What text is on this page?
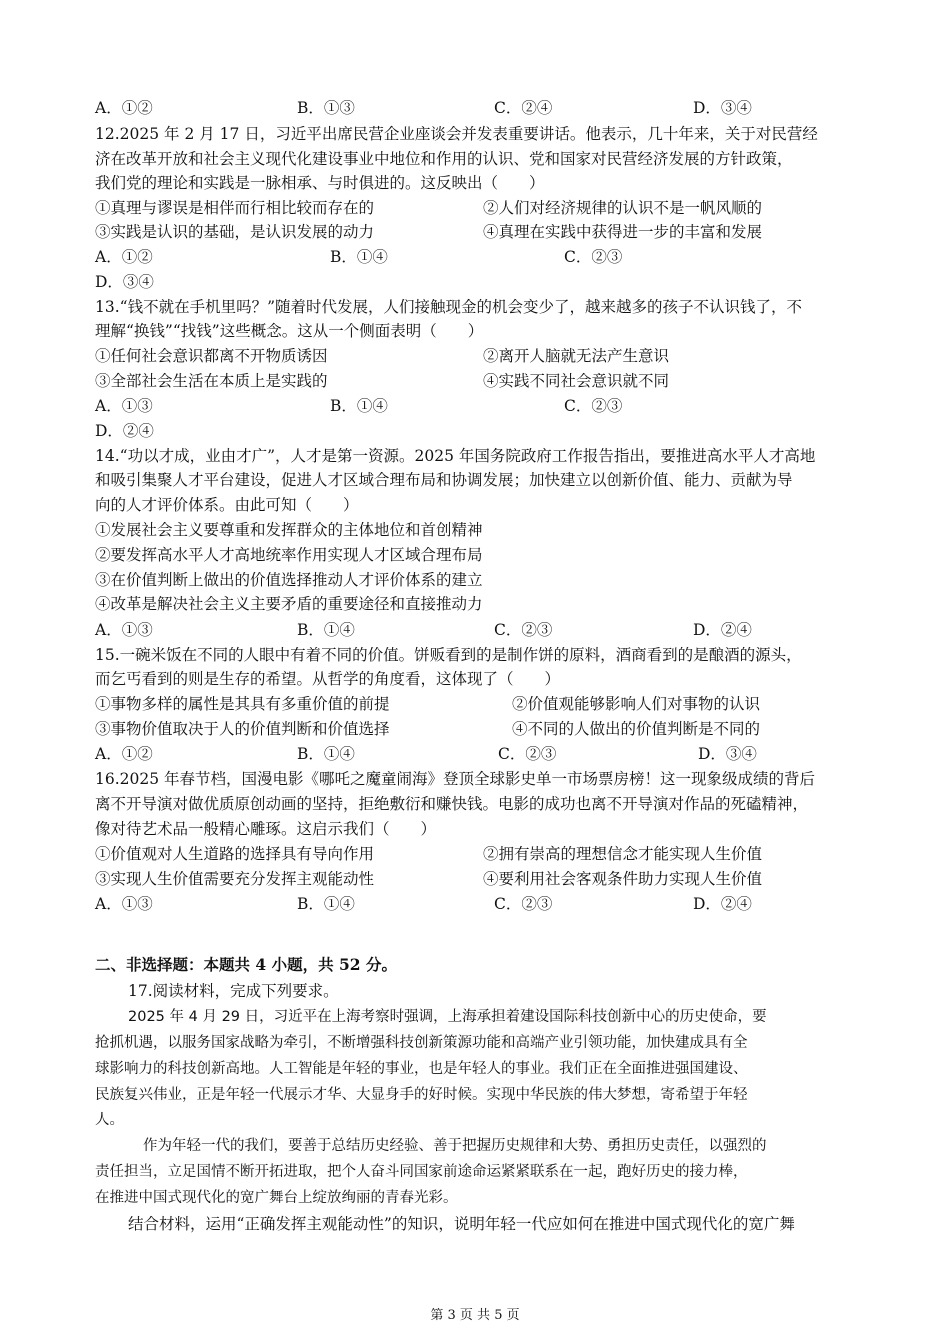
A．①②	B．①③	C．②④	D．③④
12.2025 年 2 月 17 日，习近平出席民营企业座谈会并发表重要讲话。他表示，几十年来，关于对民营经
济在改革开放和社会主义现代化建设事业中地位和作用的认识、党和国家对民营经济发展的方针政策，
我们党的理论和实践是一脉相承、与时俱进的。这反映出（　　）
①真理与谬误是相伴而行相比较而存在的	②人们对经济规律的认识不是一帆风顺的
③实践是认识的基础，是认识发展的动力	④真理在实践中获得进一步的丰富和发展
A．①②	B．①④	C．②③
D．③④
13.“钱不就在手机里吗？”随着时代发展，人们接触现金的机会变少了，越来越多的孩子不认识钱了，不
理解“换钱”“找钱”这些概念。这从一个侧面表明（　　）
①任何社会意识都离不开物质诱因	②离开人脑就无法产生意识
③全部社会生活在本质上是实践的	④实践不同社会意识就不同
A．①③	B．①④	C．②③
D．②④
14.“功以才成，业由才广”，人才是第一资源。2025 年国务院政府工作报告指出，要推进高水平人才高地
和吸引集聚人才平台建设，促进人才区域合理布局和协调发展；加快建立以创新价值、能力、贡献为导
向的人才评价体系。由此可知（　　）
①发展社会主义要尊重和发挥群众的主体地位和首创精神
②要发挥高水平人才高地统率作用实现人才区域合理布局
③在价值判断上做出的价值选择推动人才评价体系的建立
④改革是解决社会主义主要矛盾的重要途径和直接推动力
A．①③	B．①④	C．②③	D．②④
15.一碗米饭在不同的人眼中有着不同的价值。饼贩看到的是制作饼的原料，酒商看到的是酿酒的源头，
而乞丐看到的则是生存的希望。从哲学的角度看，这体现了（　　）
①事物多样的属性是其具有多重价值的前提	②价值观能够影响人们对事物的认识
③事物价值取决于人的价值判断和价值选择	④不同的人做出的价值判断是不同的
A．①②	B．①④	C．②③	D．③④
16.2025 年春节档，国漫电影《哪吒之魔童闹海》登顶全球影史单一市场票房榜！这一现象级成绩的背后
离不开导演对做优质原创动画的坚持，拒绝敷衍和赚快钱。电影的成功也离不开导演对作品的死磕精神，
像对待艺术品一般精心雕琢。这启示我们（　　）
①价值观对人生道路的选择具有导向作用	②拥有崇高的理想信念才能实现人生价值
③实现人生价值需要充分发挥主观能动性	④要利用社会客观条件助力实现人生价值
A．①③	B．①④	C．②③	D．②④
二、非选择题：本题共 4 小题，共 52 分。
17.阅读材料，完成下列要求。
2025 年 4 月 29 日，习近平在上海考察时强调，上海承担着建设国际科技创新中心的历史使命，要
抢抓机遇，以服务国家战略为牵引，不断增强科技创新策源功能和高端产业引领功能，加快建成具有全
球影响力的科技创新高地。人工智能是年轻的事业，也是年轻人的事业。我们正在全面推进强国建设、
民族复兴伟业，正是年轻一代展示才华、大显身手的好时候。实现中华民族的伟大梦想，寄希望于年轻
人。
作为年轻一代的我们，要善于总结历史经验、善于把握历史规律和大势、勇担历史责任，以强烈的
责任担当，立足国情不断开拓进取，把个人奋斗同国家前途命运紧紧联系在一起，跑好历史的接力棒，
在推进中国式现代化的宽广舞台上绽放绚丽的青春光彩。
结合材料，运用“正确发挥主观能动性”的知识，说明年轻一代应如何在推进中国式现代化的宽广舞
第 3 页 共 5 页
